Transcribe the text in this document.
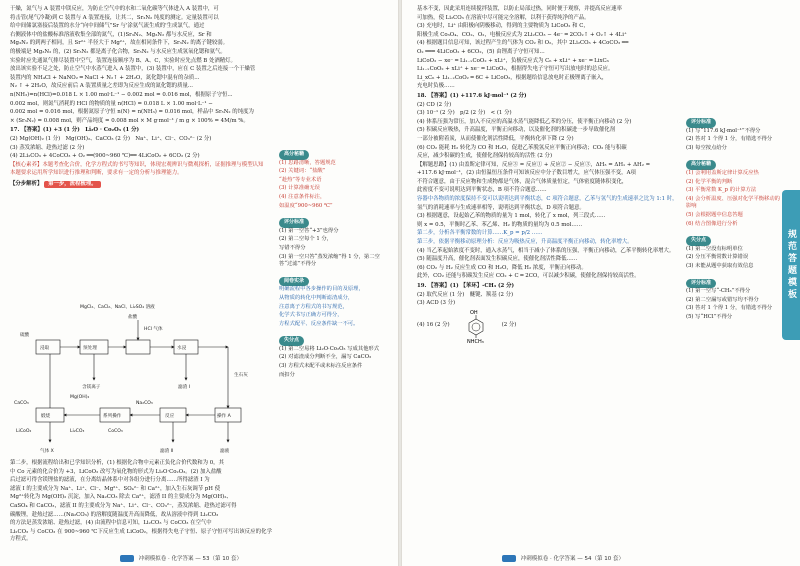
干燥，氮气与 A 装置中镁反应，为防止空气中的水和二氧化碳等气体进入 A 装置中，可

将击管(尾气冷凝)到 C 装置与 A 装置连接，让其二，Sr₃N₂ 纯度的测定。定量装置可以

给中间储氯塞接后装置的水分“向中间储气”Sr 与'涂氨气流生成的'生成氯气，通过

右侧液体中的盐酸标准溶液收集全部的氮气，(1)Sr₃N₂、Mg₃N₂ 都与水反应，Sr 和

Mg₃N₂ 的到两子相同，且 Sr²⁺ 半径大于 Mg²⁺，故在相同条件下，Sr₃N₂ 的离子键较弱。

的极端是 Mg₃N₂ 的，(2) Sr₃N₂ 都是离子化合物，Sr₃N₂ 与水反应生成氢氧化锶和氨气。

实验时应先通氮气排尽装置中空气，装置连接顺序为 B、A、C，实验时应先点燃 B 处酒精灯。

放出该实验不足之处，防止空气中水蒸气进入 A 装置中，(3) 装置中，应在 C 装置之后连接一个干燥管

装置内的 NH₄Cl + NaNO₂ ═ NaCl + N₂↑ + 2H₂O，氮化锶中混有的杂质...

N₂ ↑ + 2H₂O，故反应前后 A 装置质量之差即为反应生成的氮化锶的质量...

n(NH₃)=n(HCl)=0.018 L × 1.00 mol·L⁻¹ − 0.002 mol = 0.016 mol，根据原子守恒...

0.002 mol，则氮气消耗的 HCl 的物质的量 n(HCl) = 0.018 L × 1.00 mol·L⁻¹ −

0.002 mol = 0.016 mol，根据氮原子守恒 n(N) = n(NH₃) = 0.016 mol，样品中 Sr₃N₂ 的纯度为

× (Sr₃N₂) = 0.008 mol，则产品纯度 = 0.008 mol × M g·mol⁻¹ / m g × 100% = 4M/m %。

17. 【答案】(1) +3 (1 分)　Li₂O · Co₂O₃ (1 分)

(2) Mg(OH)₂ (1 分)　Mg(OH)₂、CaCO₃ (2 分)　Na⁺、Li⁺、Cl⁻、CO₃²⁻ (2 分)

(3) 蒸发浓缩、趁热过滤 (2 分)

(4) 2Li₂CO₃ + 4CoCO₃ + O₂ ══(900~960 ℃)══ 4LiCoO₂ + 6CO₂ (2 分)

【核心素养】本题考查化合价，化学方程式的书写等知识，体现宏观辨识与微观探析，证据推理与模型认知

本题要求运用所学知识进行推理和判断，要求有一定的分析与推理能力。

【分步解析】 第一步，流程梳理。

MgCl₂、CaCl₂、NaCl、Li₂SO₄ 溶液
硫酸
浸取	预处理
含镁离子
盐酸
HCl 气体
水浸
Mg(OH)₂
滤渣 I
生石灰
CaCO₃	Na₂CO₃
系列操作
LiCoO₂	Li₂CO₃	CoCO₃
气体 X	滤渣 II	滤液
反应
煅烧	操作 A

第二步，根据流程给出和已学知识分析，(1) 根据化合物中元素正负化合价代数和为 0，其

中 Co 元素的化合价为 +3，LiCoO₂ 改写为氧化物的形式为 Li₂O·Co₂O₃。(2) 加入盐酸

后过滤可得含镁锂盐的滤液，在分离结晶体系中对各组分进行分离……所得滤渣 I 为

滤液 I 的主要成分为 Na⁺、Li⁺、Cl⁻、Mg²⁺、SO₄²⁻ 和 Ca²⁺，加入生石灰调节 pH 使

Mg²⁺转化为 Mg(OH)₂ 沉淀，加入 Na₂CO₃ 除去 Ca²⁺，滤渣 II 的主要成分为 Mg(OH)₂、

CaSO₄ 和 CaCO₃，滤液 II 的主要成分为 Na⁺、Li⁺、Cl⁻、CO₃²⁻，蒸发浓缩、趁热过滤可得

碳酸锂，趁热过滤……(Na₂CO₃) 的溶解度随温度升高而降低，故从溶液中得到 Li₂CO₃

的方法是蒸发浓缩、趁热过滤，(4) 由流程中信息可知，Li₂CO₃ 与 CoCO₃ 在空气中

Li₂CO₃ 与 CoCO₃ 在 900~960 ℃下反应生成 LiCoO₂，根据得失电子守恒、原子守恒可写出该反应的化学方程式。

高分秘籍

(1) 思路清晰，答题规范

(2) 关键词：“盐酸”

“趁热”等专业术语

(3) 计算准确无误

(4) 注意条件标注，

如温度“900~960 ℃”

评分标准

(1) 第一空答“+3”也得分

(2) 第二空每个 1 分，

写错不得分

(3) 第一空只答“蒸发浓缩”得 1 分，第二空答“过滤”不得分

阅卷实录

明确流程中各步操作的目的及原理，

从物质的转化中判断滤渣成分，

注意离子方程式的书写规范，

化学式书写正确方可得分，

方程式配平、反应条件缺一不可。

失分点

(1) 第二空易将 Li₂O·Co₂O₃ 写成其他形式

(2) 对滤渣成分判断不全，漏写 CaCO₃

(3) 方程式未配平或未标注反应条件

而扣分

冲刺模拟卷 · 化学答案 — 53（第 10 套）

基本不变，因此采用连续搅拌装置，以防止局部过热，同时便于观察，并提高反应速率

可加热，使 Li₂CO₃ 在溶液中尽可能完全溶解，以利于获得纯净的产品。

(3) 充电时，Li⁺ 由阳极向阴极移动，得到的主要物质为 LiCoO₂ 和 C，

阳极生成 Co₃O₄、CO₂、O₂，电极反应式为 2Li₂CO₃ − 4e⁻ ═ 2CO₂↑ + O₂↑ + 4Li⁺

(4) 根据题目信息可知，该过程产生的气体为 CO₂ 和 O₂，其中 2Li₂CO₃ + 4CoCO₃ ══

O₂ ═══ 4LiCoO₂ + 6CO₂，(5) 由锂离子守恒可知…

LiCoO₂ − xe⁻ ═ Li₁₋ₓCoO₂ + xLi⁺，负极反应式为 C₆ + xLi⁺ + xe⁻ ═ LixC₆

Li₁₋ₓCoO₂ + xLi⁺ + xe⁻ ═ LiCoO₂，根据得失电子守恒可写出放电时的总反应。

Li_xC₆ + Li₁₋ₓCoO₂ ═ 6C + LiCoO₂，根据题给信息放电时正极锂离子嵌入，

充电时负极……

18. 【答案】(1) +117.6 kJ·mol⁻¹ (2 分)

(2) CD (2 分)

(3) 10⁻¹ (2 分)　p/2 (2 分)　< (1 分)

(4) 体系压强为常压，加入不反应的高温水蒸气能降低乙苯的分压，使平衡正向移动 (2 分)

(5) 积碳反应吸热，升高温度，平衡正向移动，以及催化剂的积碳进一步导致催化剂

一部分被附着炭，从而使催化剂活性降低，平衡转化率下降 (2 分)

(6) CO₂ 能耗 H₂ 转化为 CO 和 H₂O，促进乙苯脱氢反应平衡正向移动；CO₂ 能与积碳

反应，减少积碳的生成，使催化剂保持较高的活性 (2 分)

【解题思路】(1) 由盖斯定律可知，反应③ = 反应① + 反应② − 反应③，ΔH₃ = ΔH₁ + ΔH₂ =

+117.6 kJ·mol⁻¹，(2) 由恒温恒压条件可知该反应中分子数目增大，应气体压强不变，A项

不符合题意，由于反应物和生成物都是气体，混合气体质量恒定，气体密度随体积变化，

此密度不变可说明达到平衡状态，B 项不符合题意……

容器中各物质的浓度保持不变可以说明达到平衡状态，C 项符合题意，乙苯与氢气的生成速率之比为 1:1 时，

氢气的消耗速率与生成速率相等，说明达到平衡状态，D 项符合题意。

(3) 根据题意，设起始乙苯的物质的量为 1 mol，转化了 x mol，列三段式……

则 x = 0.5，平衡时乙苯、苯乙烯、H₂ 的物质的量均为 0.5 mol……

第二步，分析各平衡常数的计算……K_p = p/2 ……

第三步，依据平衡移动原理分析：反应为吸热反应，升高温度平衡正向移动，转化率增大。

(4) 当乙苯起始浓度不变时，通入水蒸气，相当于减小了体系的压强，平衡正向移动，乙苯平衡转化率增大。

(5) 随温度升高，催化剂表面发生积碳反应，使催化剂活性降低……

(6) CO₂ 与 H₂ 反应生成 CO 和 H₂O，降低 H₂ 浓度，平衡正向移动。

此外，CO₂ 还能与积碳发生反应 CO₂ + C ═ 2CO，可以减少积碳，使催化剂保持较高活性。

19. 【答案】(1) 【苯环】-CH₃ (2 分)

(2) 取代反应 (1 分)　醚键、羰基 (2 分)

(3) ACD (3 分)

(4) 16 (2 分)
OH
NHCH₃
(2 分)
评分标准

(1) 写“117.6 kJ·mol⁻¹”不得分

(2) 答对 1 个得 1 分，有错选不得分

(3) 每空按点给分

高分秘籍

(1) 会利用盖斯定律计算反应热

(2) 化学平衡的判断

(3) 平衡常数 K_p 的计算方法

(4) 会分析温度、压强对化学平衡移动的影响

(5) 会根据题中信息答题

(6) 结合图像进行分析

失分点

(1) 第二空没有标明单位

(2) 分压平衡常数计算错误

(3) 未能从题中获取有效信息

评分标准

(1) 第一空写“-CH₃”不得分

(2) 第二空漏写或错写均不得分

(3) 答对 1 个得 1 分，有错选不得分

(5) 写“HCl”不得分

规范答题模板
冲刺模拟卷 · 化学答案 — 54（第 10 套）
